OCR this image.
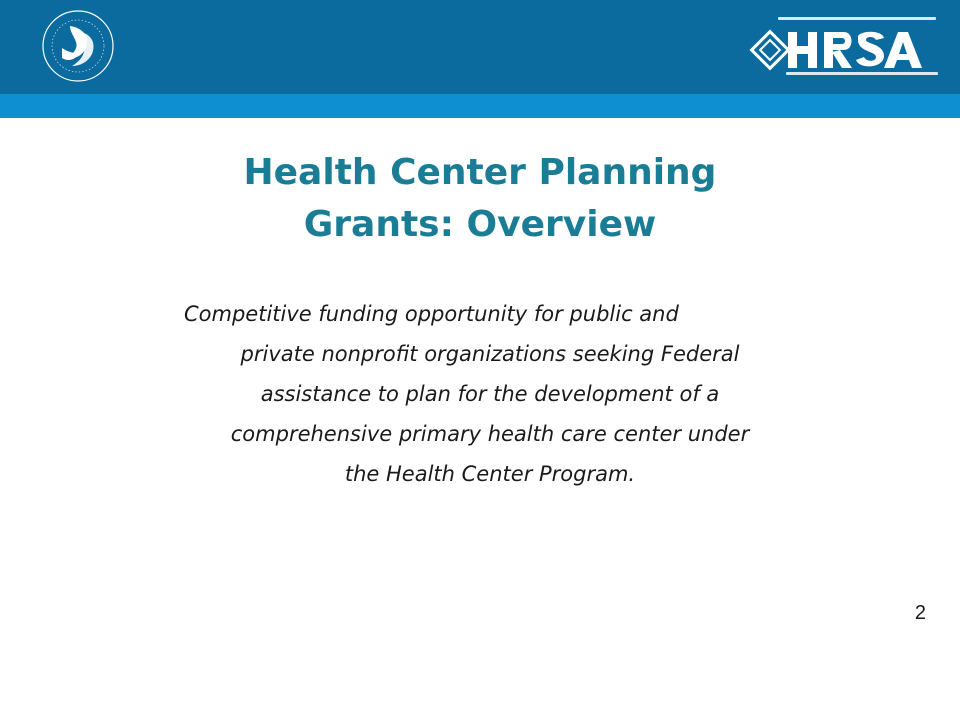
Health Center Planning
Grants: Overview

Competitive funding opportunity for public and
private nonprofit organizations seeking Federal
assistance to plan for the development of a
comprehensive primary health care center under
the Health Center Program.

2
